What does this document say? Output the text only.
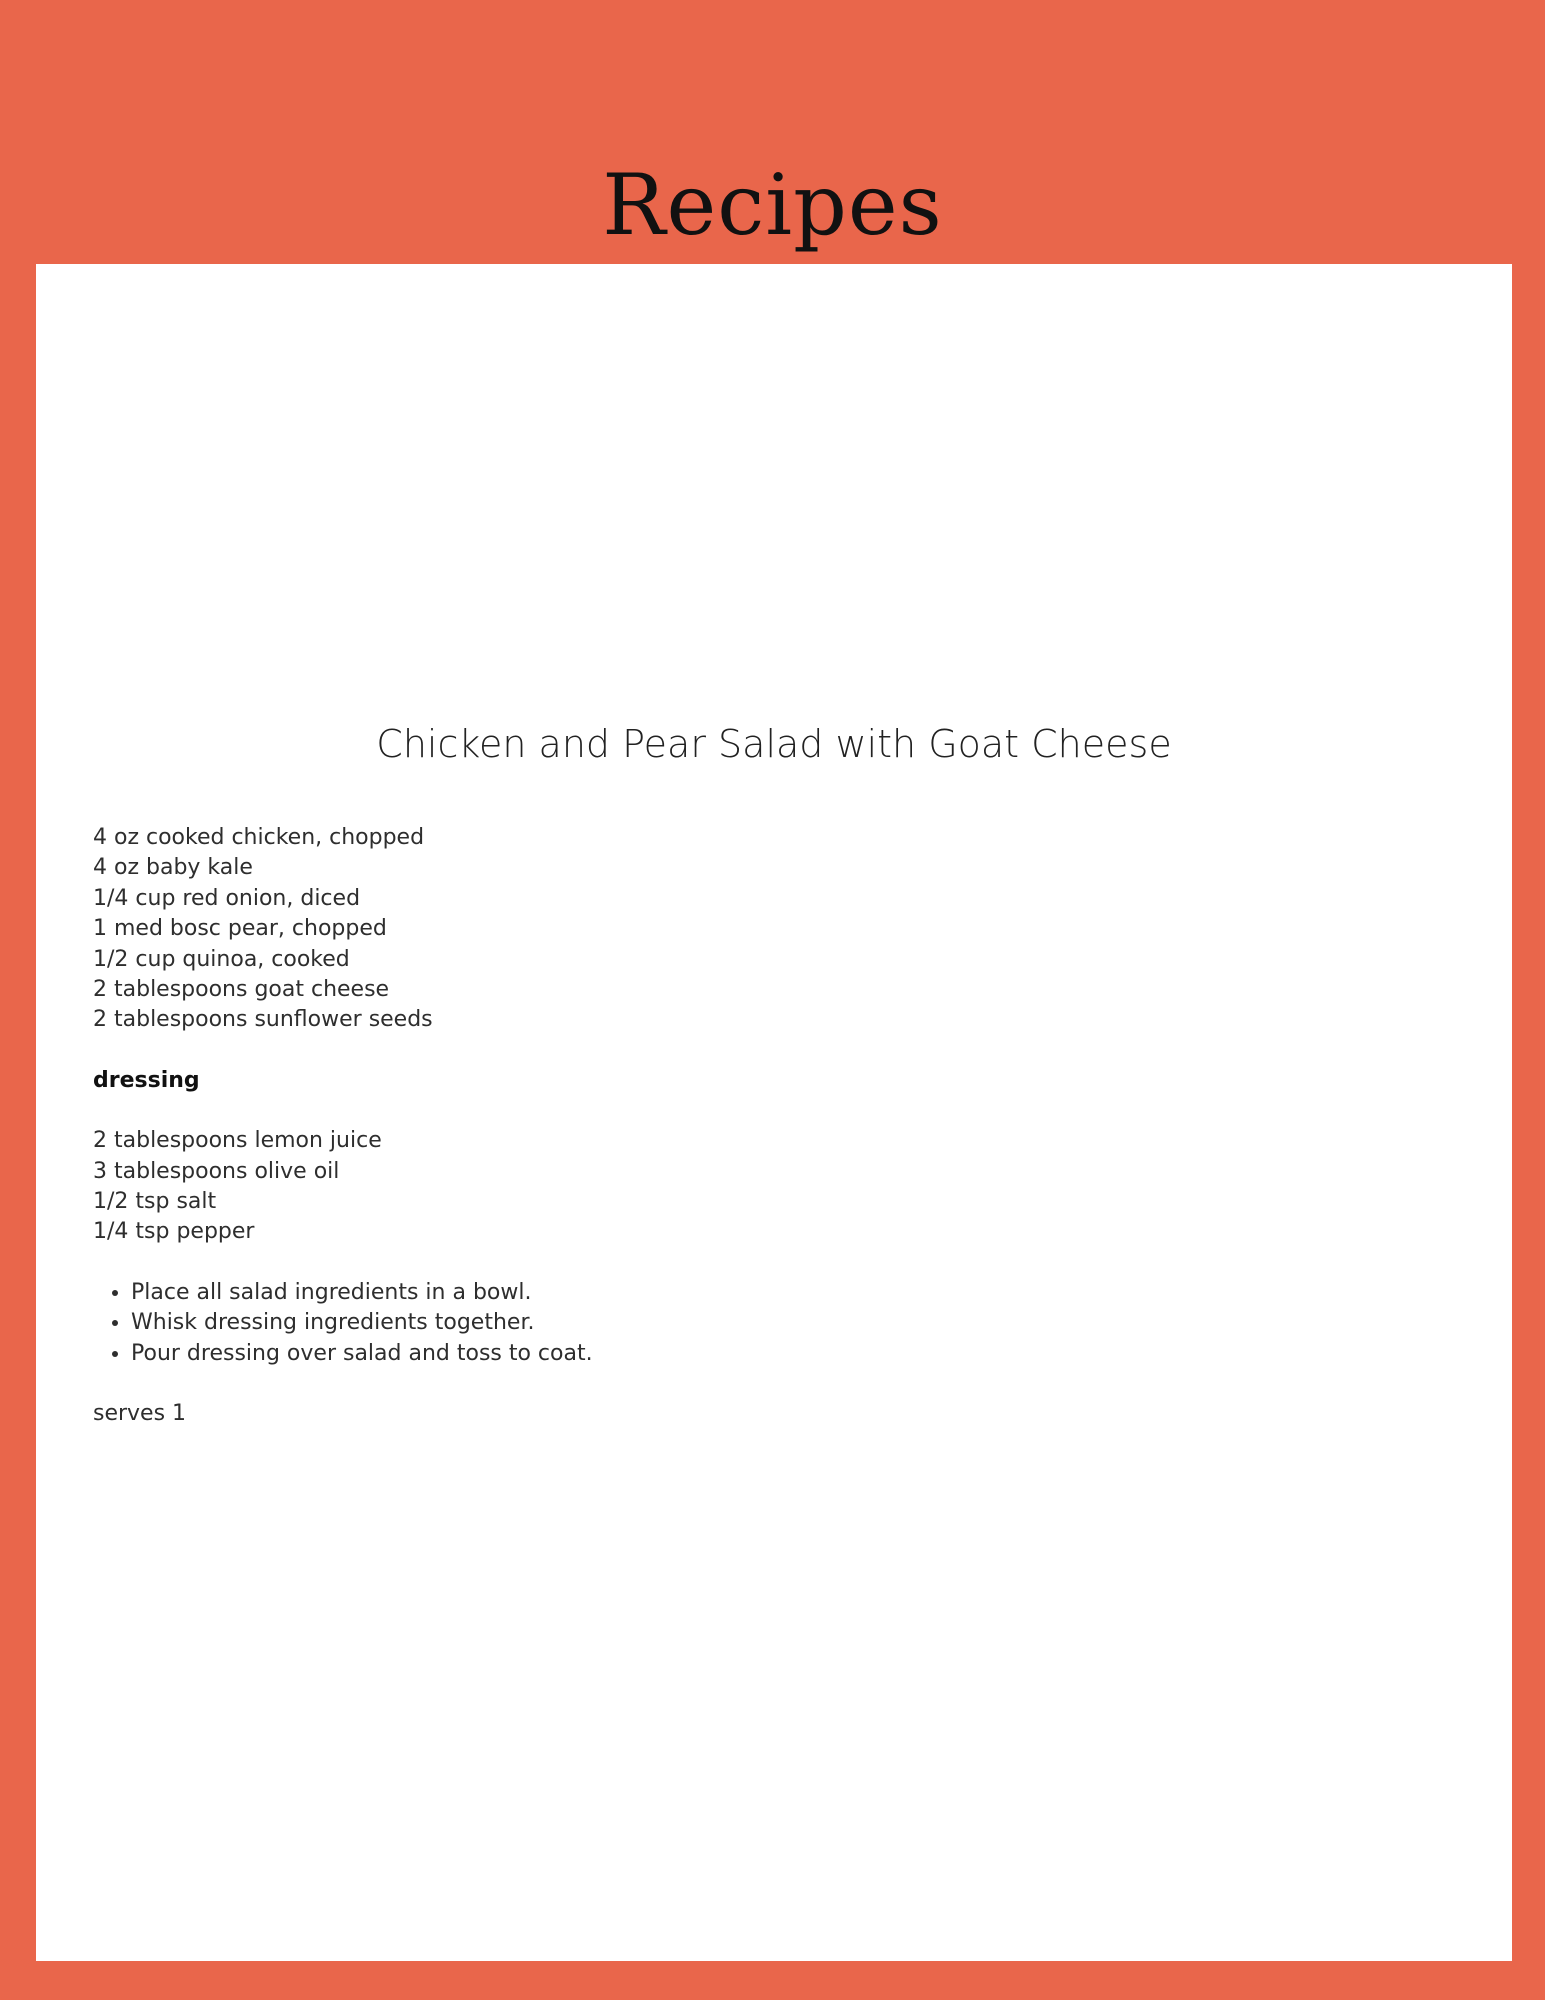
Recipes
Chicken and Pear Salad with Goat Cheese
4 oz cooked chicken, chopped
4 oz baby kale
1/4 cup red onion, diced
1 med bosc pear, chopped
1/2 cup quinoa, cooked
2 tablespoons goat cheese
2 tablespoons sunflower seeds
dressing
2 tablespoons lemon juice
3 tablespoons olive oil
1/2 tsp salt
1/4 tsp pepper
• Place all salad ingredients in a bowl.
• Whisk dressing ingredients together.
• Pour dressing over salad and toss to coat.
serves 1
